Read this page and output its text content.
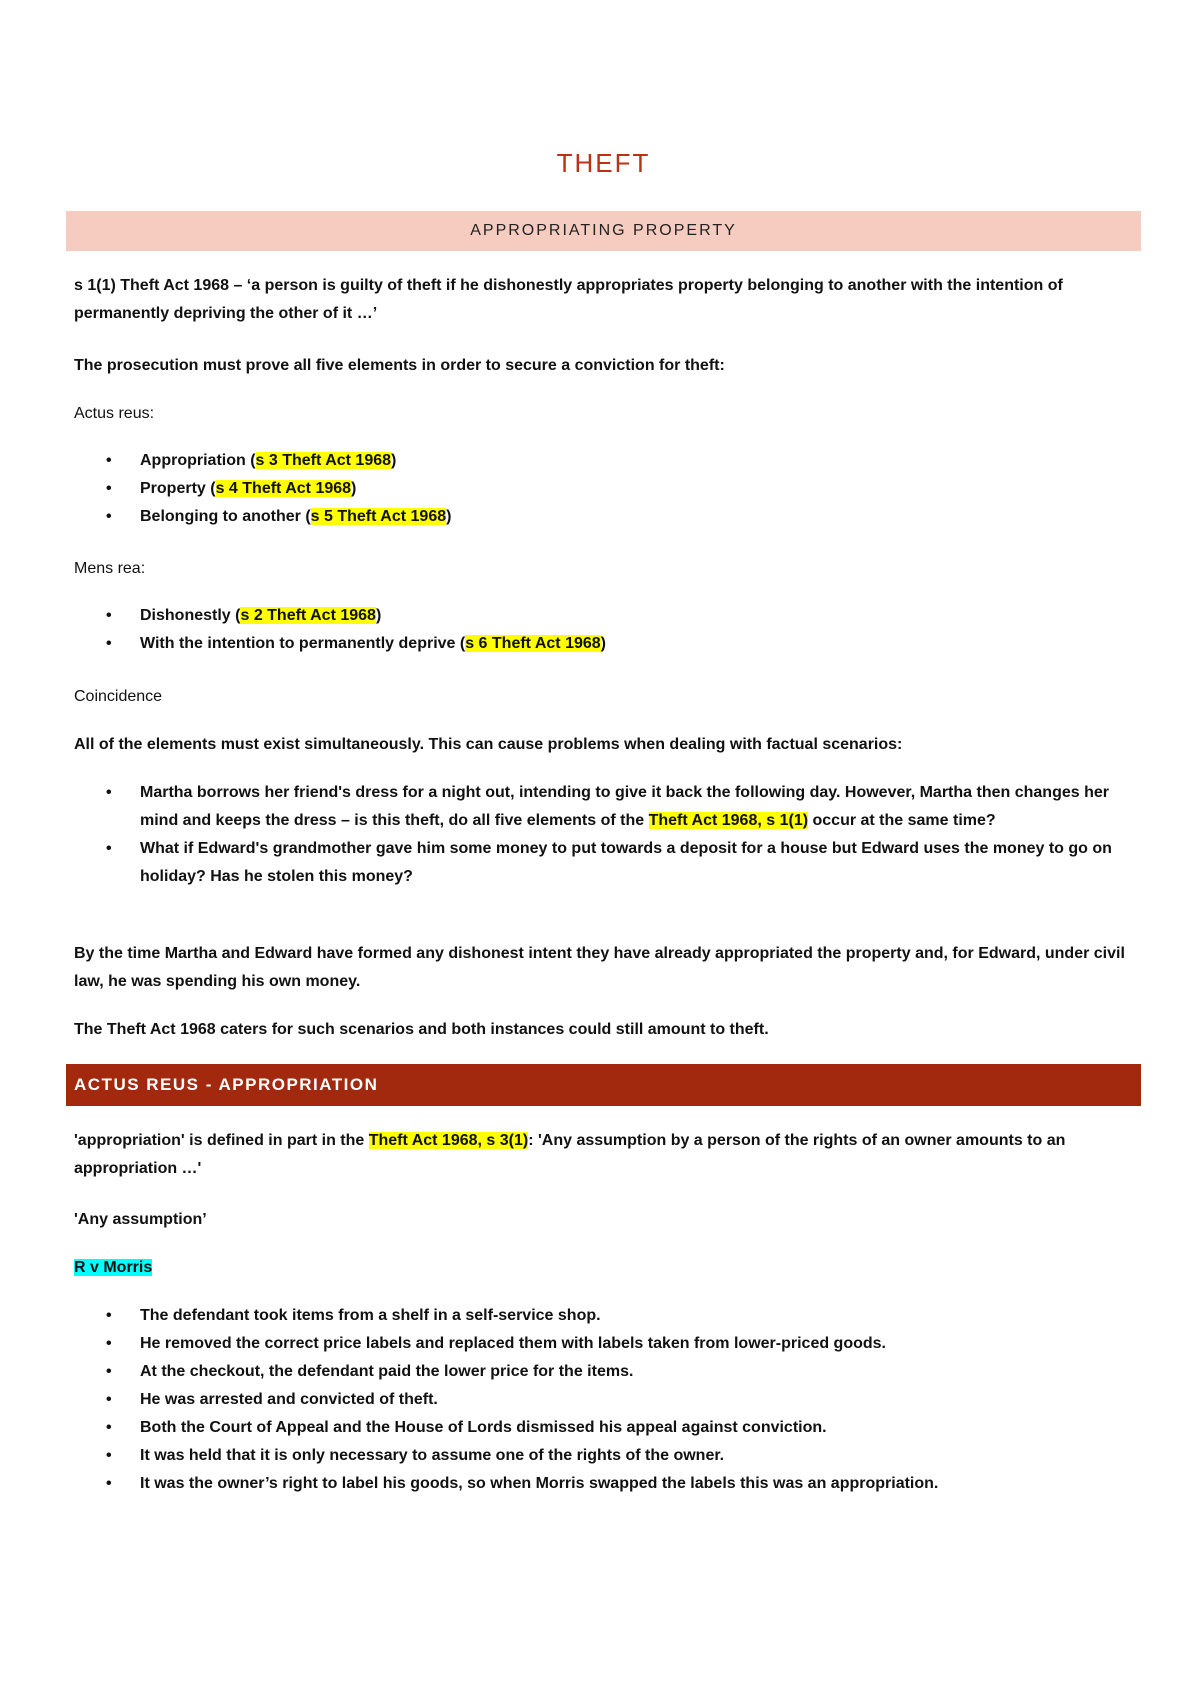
THEFT
APPROPRIATING PROPERTY
s 1(1) Theft Act 1968 – ‘a person is guilty of theft if he dishonestly appropriates property belonging to another with the intention of permanently depriving the other of it …’
The prosecution must prove all five elements in order to secure a conviction for theft:
Actus reus:
• Appropriation (s 3 Theft Act 1968)
• Property (s 4 Theft Act 1968)
• Belonging to another (s 5 Theft Act 1968)
Mens rea:
• Dishonestly (s 2 Theft Act 1968)
• With the intention to permanently deprive (s 6 Theft Act 1968)
Coincidence
All of the elements must exist simultaneously. This can cause problems when dealing with factual scenarios:
• Martha borrows her friend's dress for a night out, intending to give it back the following day. However, Martha then changes her mind and keeps the dress – is this theft, do all five elements of the Theft Act 1968, s 1(1) occur at the same time?
• What if Edward's grandmother gave him some money to put towards a deposit for a house but Edward uses the money to go on holiday? Has he stolen this money?
By the time Martha and Edward have formed any dishonest intent they have already appropriated the property and, for Edward, under civil law, he was spending his own money.
The Theft Act 1968 caters for such scenarios and both instances could still amount to theft.
ACTUS REUS - APPROPRIATION
'appropriation' is defined in part in the Theft Act 1968, s 3(1): 'Any assumption by a person of the rights of an owner amounts to an appropriation …'
'Any assumption’
R v Morris
• The defendant took items from a shelf in a self-service shop.
• He removed the correct price labels and replaced them with labels taken from lower-priced goods.
• At the checkout, the defendant paid the lower price for the items.
• He was arrested and convicted of theft.
• Both the Court of Appeal and the House of Lords dismissed his appeal against conviction.
• It was held that it is only necessary to assume one of the rights of the owner.
• It was the owner’s right to label his goods, so when Morris swapped the labels this was an appropriation.
